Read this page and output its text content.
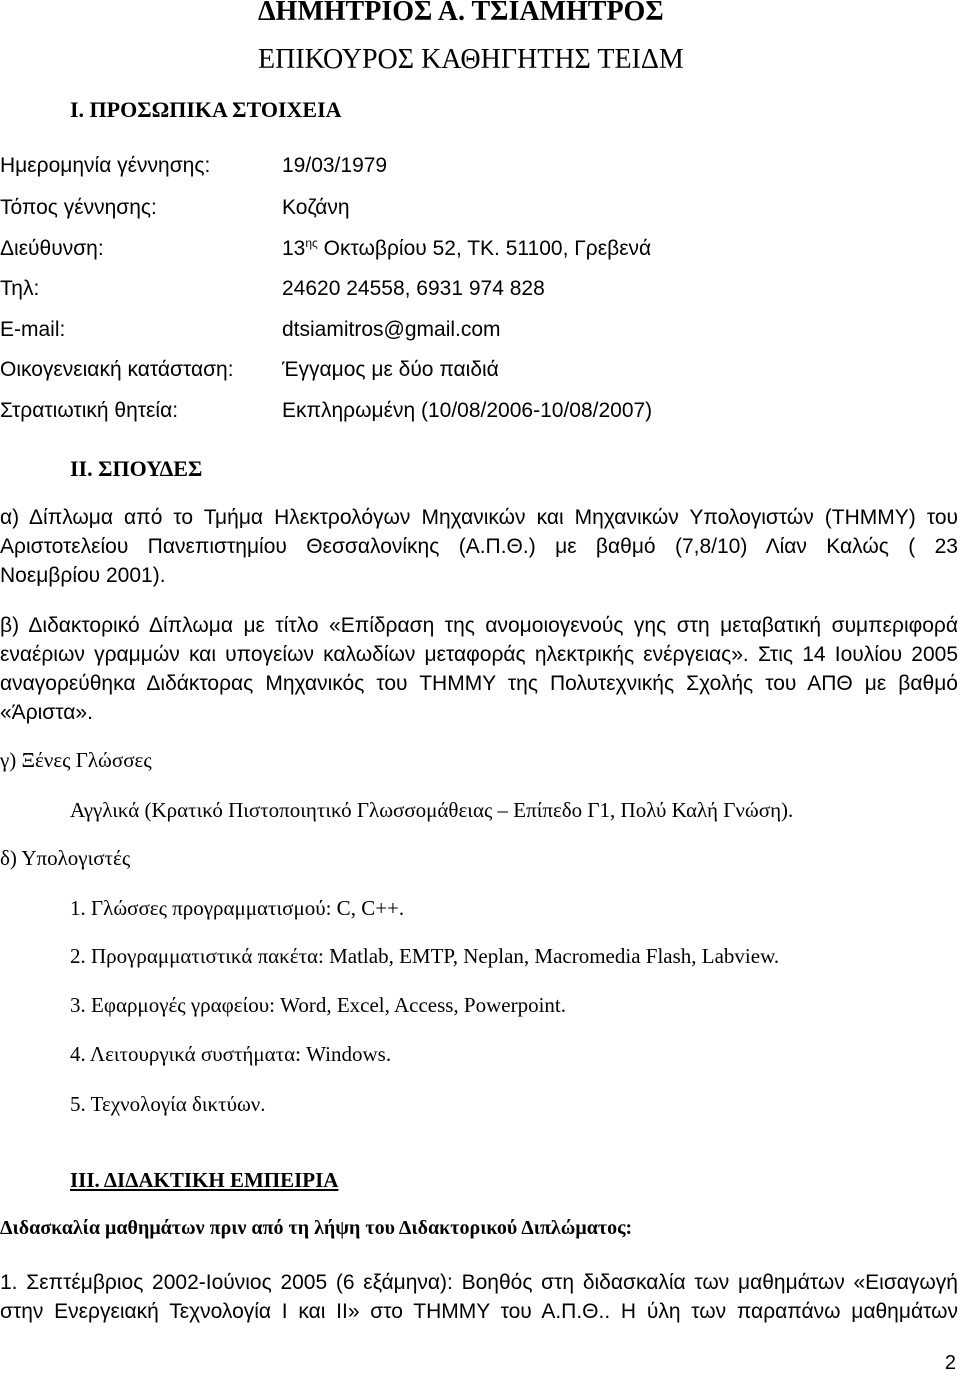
ΔΗΜΗΤΡΙΟΣ Α. ΤΣΙΑΜΗΤΡΟΣ
ΕΠΙΚΟΥΡΟΣ ΚΑΘΗΓΗΤΗΣ ΤΕΙΔΜ
Ι. ΠΡΟΣΩΠΙΚΑ ΣΤΟΙΧΕΙΑ
Ημερομηνία γέννησης:	19/03/1979
Τόπος γέννησης:	Κοζάνη
Διεύθυνση:	$13^{\eta\varsigma}$ Οκτωβρίου 52, ΤΚ. 51100, Γρεβενά
Τηλ:	24620 24558, 6931 974 828
E-mail:	dtsiamitros@gmail.com
Οικογενειακή κατάσταση: Έγγαμος με δύο παιδιά
Στρατιωτική θητεία:	Εκπληρωμένη (10/08/2006-10/08/2007)
ΙΙ. ΣΠΟΥΔΕΣ
α) Δίπλωμα από το Τμήμα Ηλεκτρολόγων Μηχανικών και Μηχανικών Υπολογιστών (ΤΗΜΜΥ) του
Αριστοτελείου Πανεπιστημίου Θεσσαλονίκης (Α.Π.Θ.) με βαθμό (7,8/10) Λίαν Καλώς ( 23
Νοεμβρίου 2001).
β) Διδακτορικό Δίπλωμα με τίτλο «Επίδραση της ανομοιογενούς γης στη μεταβατική συμπεριφορά
εναέριων γραμμών και υπογείων καλωδίων μεταφοράς ηλεκτρικής ενέργειας». Στις 14 Ιουλίου 2005
αναγορεύθηκα Διδάκτορας Μηχανικός του ΤΗΜΜΥ της Πολυτεχνικής Σχολής του ΑΠΘ με βαθμό
«Άριστα».
γ) Ξένες Γλώσσες
Αγγλικά (Κρατικό Πιστοποιητικό Γλωσσομάθειας – Επίπεδο Γ1, Πολύ Καλή Γνώση).
δ) Υπολογιστές
1. Γλώσσες προγραμματισμού: C, C++.
2. Προγραμματιστικά πακέτα: Matlab, EMTP, Neplan, Macromedia Flash, Labview.
3. Εφαρμογές γραφείου: Word, Excel, Access, Powerpoint.
4. Λειτουργικά συστήματα: Windows.
5. Τεχνολογία δικτύων.
ΙΙΙ. ΔΙΔΑΚΤΙΚΗ ΕΜΠΕΙΡΙΑ
Διδασκαλία μαθημάτων πριν από τη λήψη του Διδακτορικού Διπλώματος:
1. Σεπτέμβριος 2002-Ιούνιος 2005 (6 εξάμηνα): Βοηθός στη διδασκαλία των μαθημάτων «Εισαγωγή
στην Ενεργειακή Τεχνολογία Ι και ΙΙ» στο ΤΗΜΜΥ του Α.Π.Θ.. Η ύλη των παραπάνω μαθημάτων
2
